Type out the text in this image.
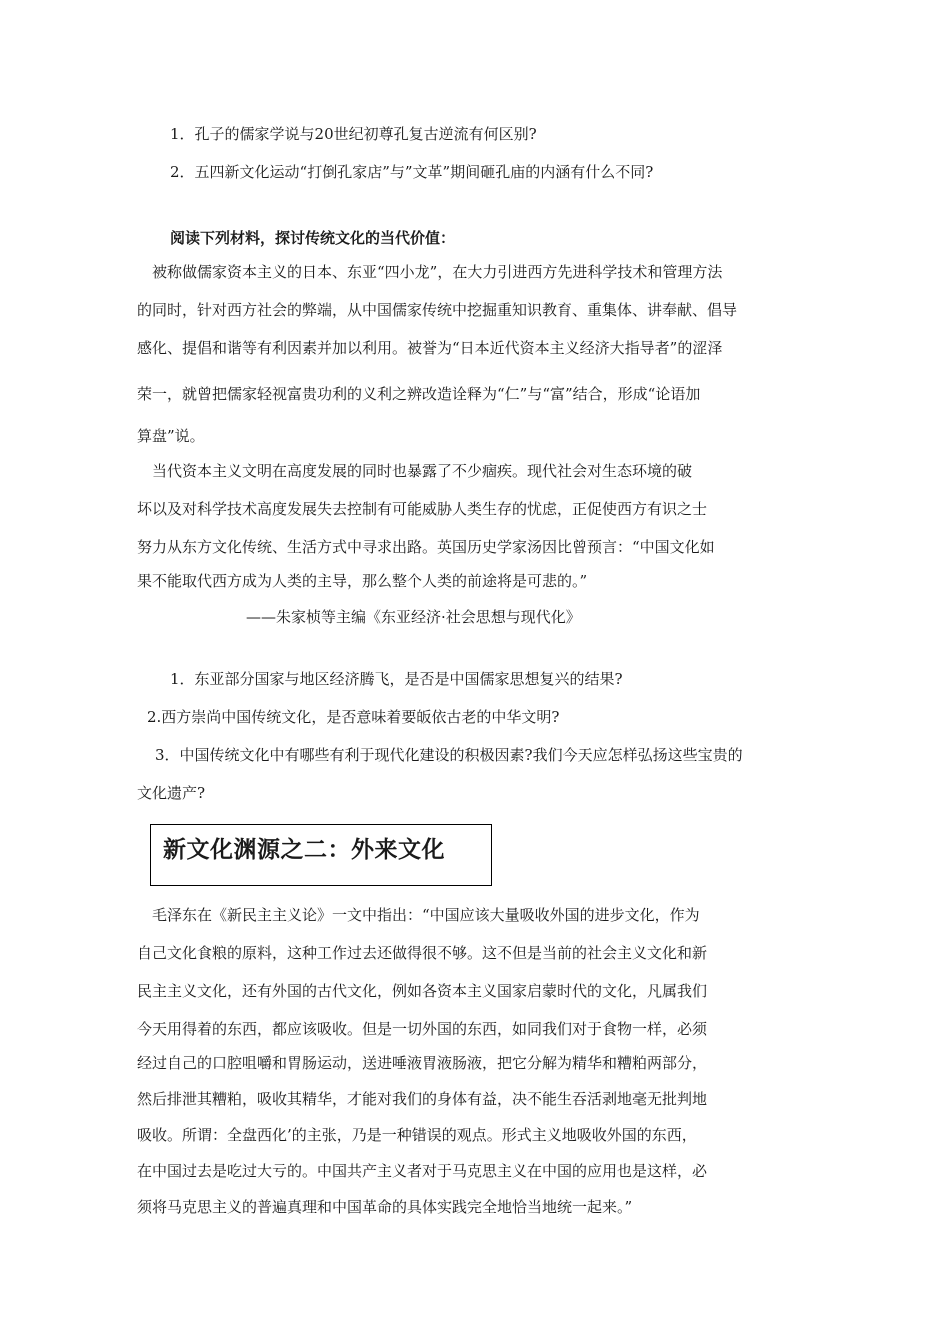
1．孔子的儒家学说与20世纪初尊孔复古逆流有何区别?
2．五四新文化运动“打倒孔家店”与”文革”期间砸孔庙的内涵有什么不同?
阅读下列材料，探讨传统文化的当代价值：
被称做儒家资本主义的日本、东亚“四小龙”，在大力引进西方先进科学技术和管理方法
的同时，针对西方社会的弊端，从中国儒家传统中挖掘重知识教育、重集体、讲奉献、倡导
感化、提倡和谐等有利因素并加以利用。被誉为“日本近代资本主义经济大指导者”的涩泽
荣一，就曾把儒家轻视富贵功利的义利之辨改造诠释为“仁”与“富”结合，形成“论语加
算盘”说。
当代资本主义文明在高度发展的同时也暴露了不少痼疾。现代社会对生态环境的破
坏以及对科学技术高度发展失去控制有可能威胁人类生存的忧虑，正促使西方有识之士
努力从东方文化传统、生活方式中寻求出路。英国历史学家汤因比曾预言：“中国文化如
果不能取代西方成为人类的主导，那么整个人类的前途将是可悲的。”
——朱家桢等主编《东亚经济·社会思想与现代化》
1．东亚部分国家与地区经济腾飞，是否是中国儒家思想复兴的结果?
2.西方崇尚中国传统文化，是否意味着要皈依古老的中华文明?
3．中国传统文化中有哪些有利于现代化建设的积极因素?我们今天应怎样弘扬这些宝贵的
文化遗产?
新文化渊源之二：外来文化
毛泽东在《新民主主义论》一文中指出：“中国应该大量吸收外国的进步文化，作为
自己文化食粮的原料，这种工作过去还做得很不够。这不但是当前的社会主义文化和新
民主主义文化，还有外国的古代文化，例如各资本主义国家启蒙时代的文化，凡属我们
今天用得着的东西，都应该吸收。但是一切外国的东西，如同我们对于食物一样，必须
经过自己的口腔咀嚼和胃肠运动，送进唾液胃液肠液，把它分解为精华和糟粕两部分，
然后排泄其糟粕，吸收其精华，才能对我们的身体有益，决不能生吞活剥地毫无批判地
吸收。所谓：全盘西化’的主张，乃是一种错误的观点。形式主义地吸收外国的东西，
在中国过去是吃过大亏的。中国共产主义者对于马克思主义在中国的应用也是这样，必
须将马克思主义的普遍真理和中国革命的具体实践完全地恰当地统一起来。”
